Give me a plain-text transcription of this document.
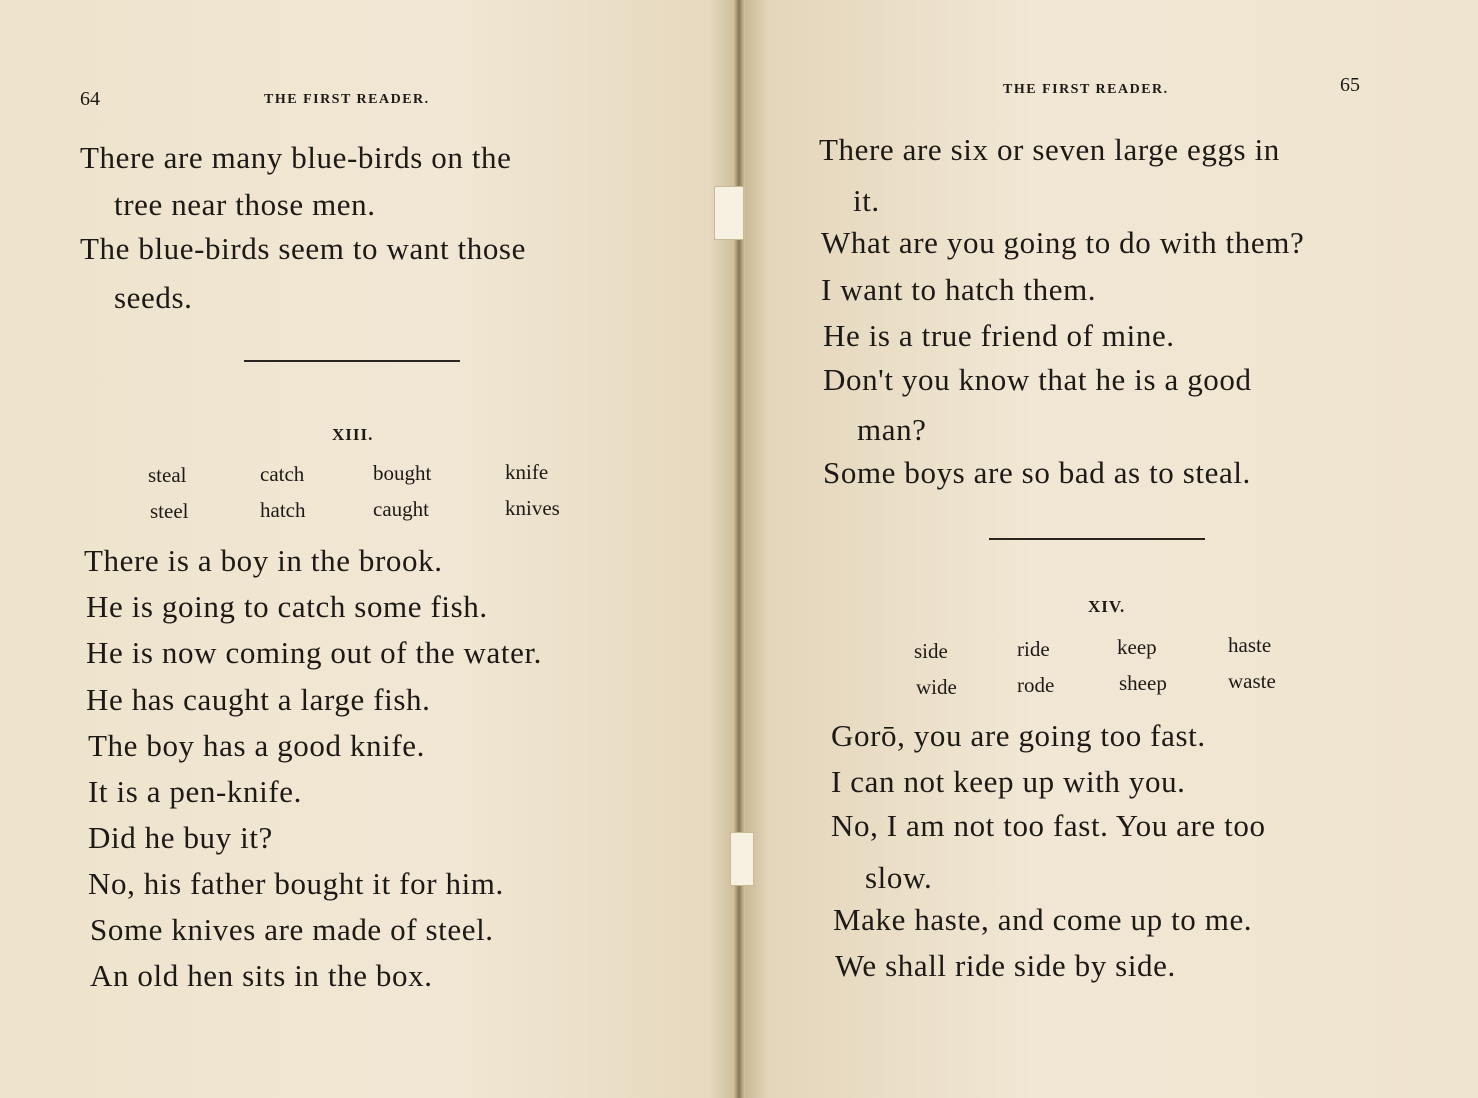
64	THE FIRST READER.
There are many blue-birds on the
tree near those men.
The blue-birds seem to want those
seeds.
XIII.
steal	catch	bought	knife
steel	hatch	caught	knives
There is a boy in the brook.
He is going to catch some fish.
He is now coming out of the water.
He has caught a large fish.
The boy has a good knife.
It is a pen-knife.
Did he buy it?
No, his father bought it for him.
Some knives are made of steel.
An old hen sits in the box.
THE FIRST READER.	65
There are six or seven large eggs in
it.
What are you going to do with them?
I want to hatch them.
He is a true friend of mine.
Don't you know that he is a good
man?
Some boys are so bad as to steal.
XIV.
side	ride	keep	haste
wide	rode	sheep	waste
Gorō, you are going too fast.
I can not keep up with you.
No, I am not too fast. You are too
slow.
Make haste, and come up to me.
We shall ride side by side.
